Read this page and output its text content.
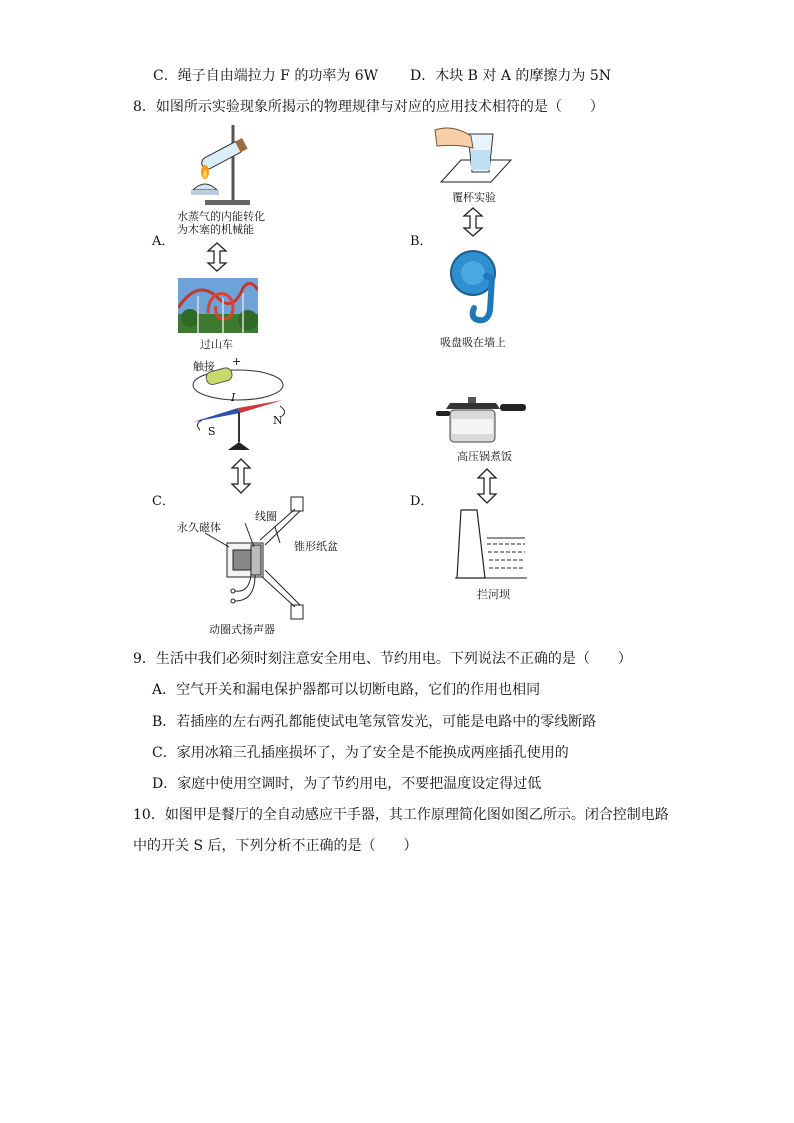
C．绳子自由端拉力 F 的功率为 6W D．木块 B 对 A 的摩擦力为 5N
8．如图所示实验现象所揭示的物理规律与对应的应用技术相符的是（　　）
A．
水蒸气的内能转化
为木塞的机械能
过山车
B．
覆杯实验
吸盘吸在墙上
触接 +
I
S
N
C．
线圈
永久磁体
锥形纸盆
动圈式扬声器
高压锅煮饭
D．
拦河坝
9．生活中我们必须时刻注意安全用电、节约用电。下列说法不正确的是（　　）
A．空气开关和漏电保护器都可以切断电路，它们的作用也相同
B．若插座的左右两孔都能使试电笔氖管发光，可能是电路中的零线断路
C．家用冰箱三孔插座损坏了，为了安全是不能换成两座插孔使用的
D．家庭中使用空调时，为了节约用电，不要把温度设定得过低
10．如图甲是餐厅的全自动感应干手器，其工作原理简化图如图乙所示。闭合控制电路
中的开关 S 后，下列分析不正确的是（　　）
